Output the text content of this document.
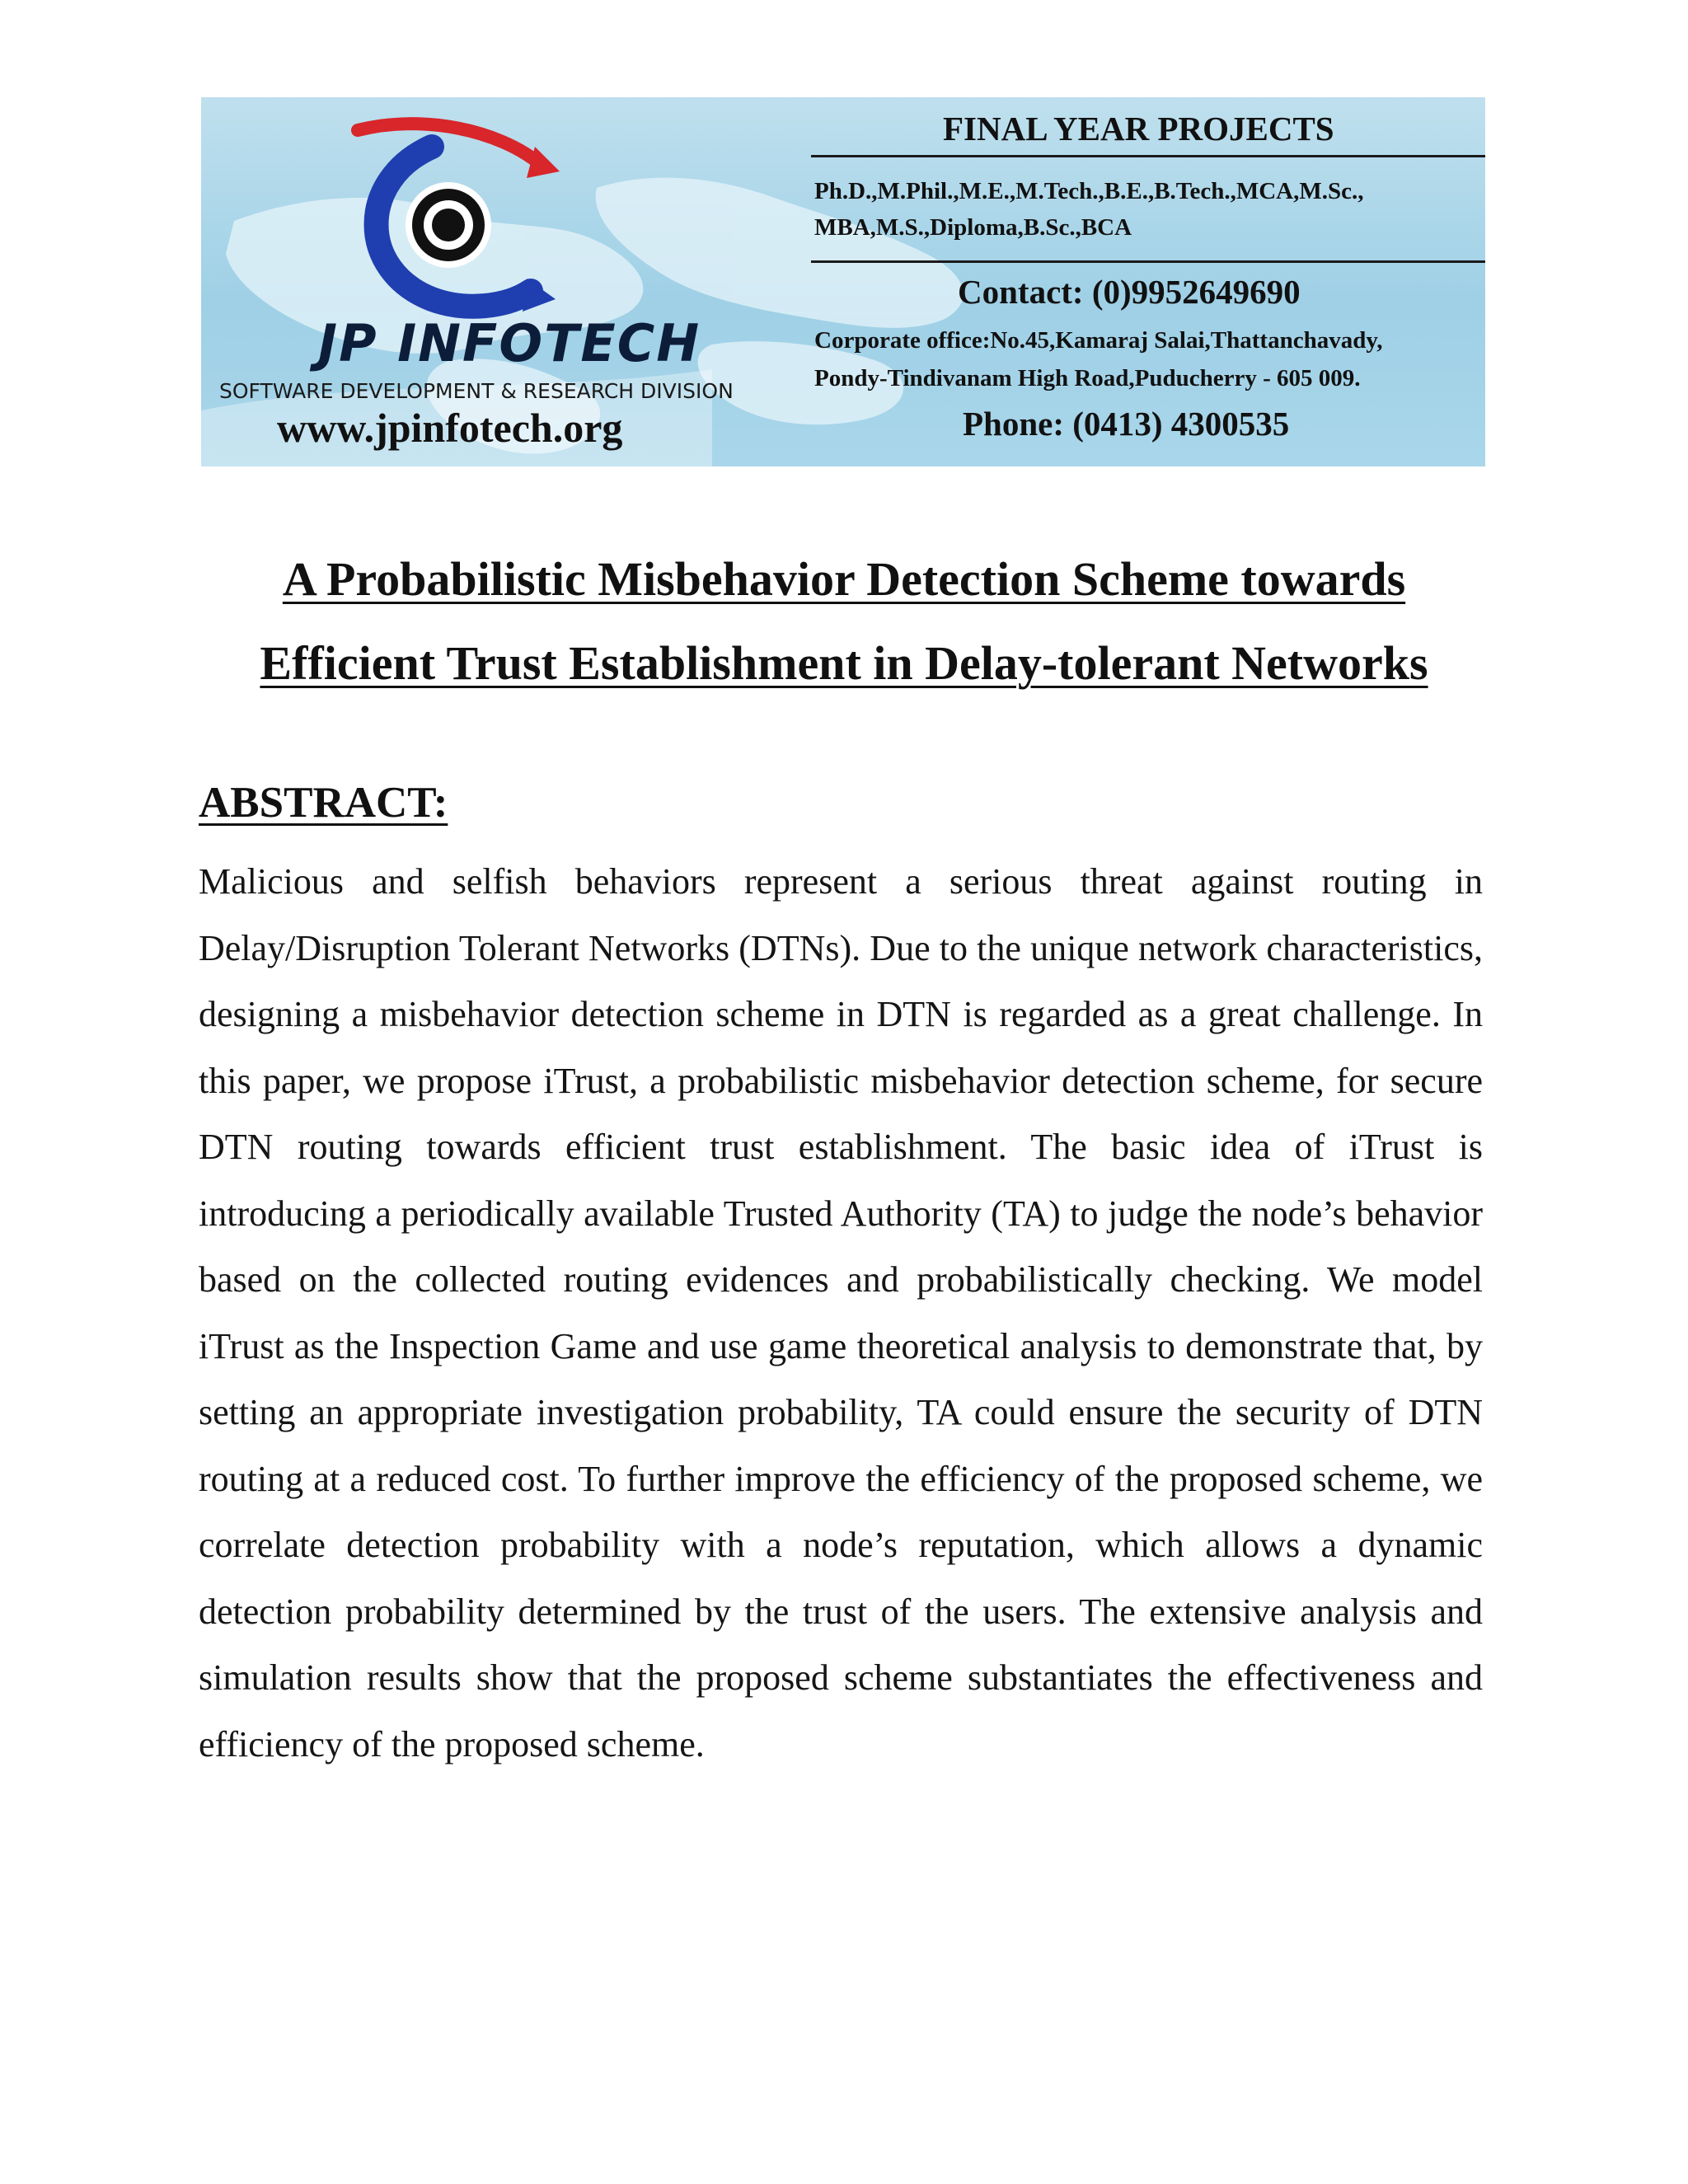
JP INFOTECH
SOFTWARE DEVELOPMENT & RESEARCH DIVISION
www.jpinfotech.org
FINAL YEAR PROJECTS
Ph.D.,M.Phil.,M.E.,M.Tech.,B.E.,B.Tech.,MCA,M.Sc.,
MBA,M.S.,Diploma,B.Sc.,BCA
Contact: (0)9952649690
Corporate office:No.45,Kamaraj Salai,Thattanchavady,
Pondy-Tindivanam High Road,Puducherry - 605 009.
Phone: (0413) 4300535
A Probabilistic Misbehavior Detection Scheme towards
Efficient Trust Establishment in Delay-tolerant Networks
ABSTRACT:
Malicious and selfish behaviors represent a serious threat against routing in Delay/Disruption Tolerant Networks (DTNs). Due to the unique network characteristics, designing a misbehavior detection scheme in DTN is regarded as a great challenge. In this paper, we propose iTrust, a probabilistic misbehavior detection scheme, for secure DTN routing towards efficient trust establishment. The basic idea of iTrust is introducing a periodically available Trusted Authority (TA) to judge the node’s behavior based on the collected routing evidences and probabilistically checking. We model iTrust as the Inspection Game and use game theoretical analysis to demonstrate that, by setting an appropriate investigation probability, TA could ensure the security of DTN routing at a reduced cost. To further improve the efficiency of the proposed scheme, we correlate detection probability with a node’s reputation, which allows a dynamic detection probability determined by the trust of the users. The extensive analysis and simulation results show that the proposed scheme substantiates the effectiveness and efficiency of the proposed scheme.
